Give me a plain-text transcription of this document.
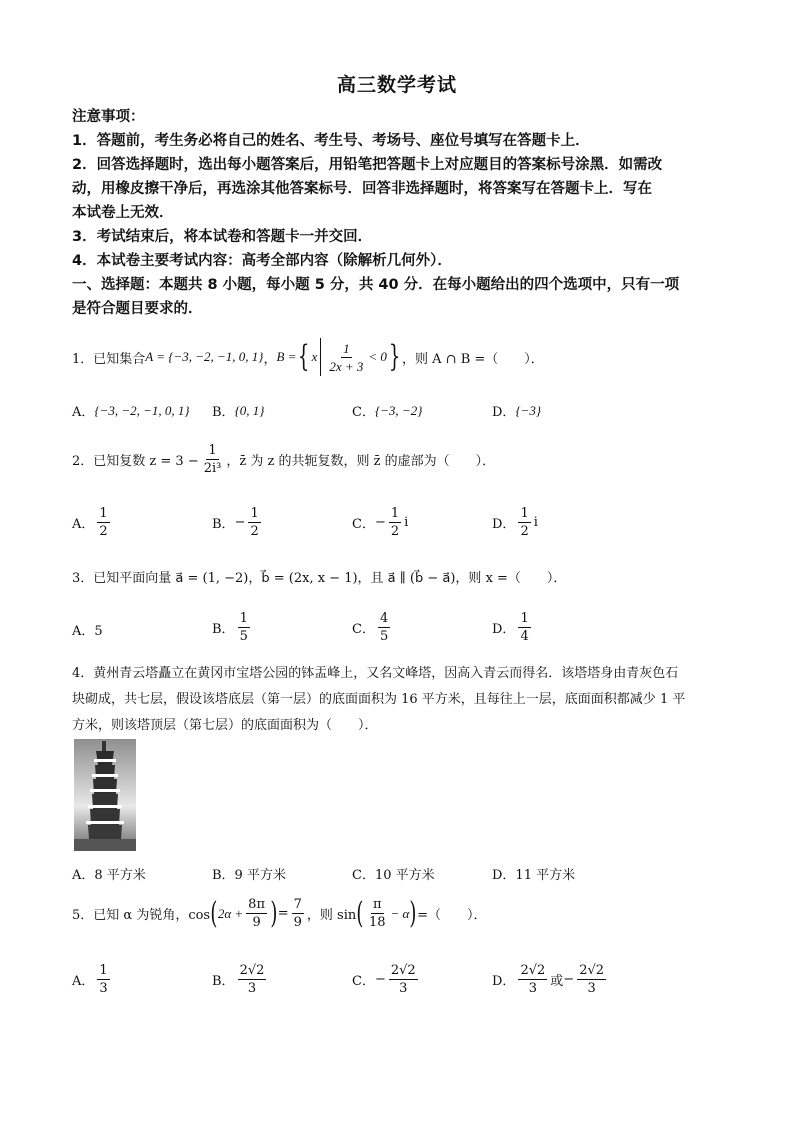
高三数学考试
注意事项：
1．答题前，考生务必将自己的姓名、考生号、考场号、座位号填写在答题卡上．
2．回答选择题时，选出每小题答案后，用铅笔把答题卡上对应题目的答案标号涂黑．如需改
动，用橡皮擦干净后，再选涂其他答案标号．回答非选择题时，将答案写在答题卡上．写在
本试卷上无效．
3．考试结束后，将本试卷和答题卡一并交回．
4．本试卷主要考试内容：高考全部内容（除解析几何外）．
一、选择题：本题共 8 小题，每小题 5 分，共 40 分．在每小题给出的四个选项中，只有一项
是符合题目要求的．
1．已知集合 A = {−3, −2, −1, 0, 1} ， B = { x $\frac{1}{2x + 3} < 0$ } ，则 A ∩ B =（　　）．
A． {−3, −2, −1, 0, 1} B． {0, 1}	C． {−3, −2}	D． {−3}
2．已知复数 $z = 3 - \frac{1}{\text{2i³}}$ ，z̄ 为 z 的共轭复数，则 z̄ 的虚部为（　　）．
A． $\frac{1}{2}$	B． − $\frac{1}{2}$	C． − $\frac{1}{2}$ i	D． $\frac{1}{2}$ i
3．已知平面向量 a⃗ = (1, −2)，b⃗ = (2x, x − 1)，且 a⃗ ∥ (b⃗ − a⃗)，则 x =（　　）．
A．5	B． $\frac{1}{5}$	C． $\frac{4}{5}$	D． $\frac{1}{4}$
4．黄州青云塔矗立在黄冈市宝塔公园的钵盂峰上，又名文峰塔，因高入青云而得名．该塔塔身由青灰色石
块砌成，共七层，假设该塔底层（第一层）的底面面积为 16 平方米，且每往上一层，底面面积都减少 1 平
方米，则该塔顶层（第七层）的底面面积为（　　）．
A．8 平方米	B．9 平方米	C．10 平方米	D．11 平方米
5．已知 α 为锐角，cos ( $2\alpha + \frac{8\pi}{9}$ ) = $\frac{7}{9}$ ，则 sin ( $\frac{\pi}{18} - \alpha$ ) =（　　）．
A． $\frac{1}{3}$	B． $\frac{2√2}{3}$	C． − $\frac{2√2}{3}$	D． $\frac{2√2}{3}$ 或 − $\frac{2√2}{3}$
